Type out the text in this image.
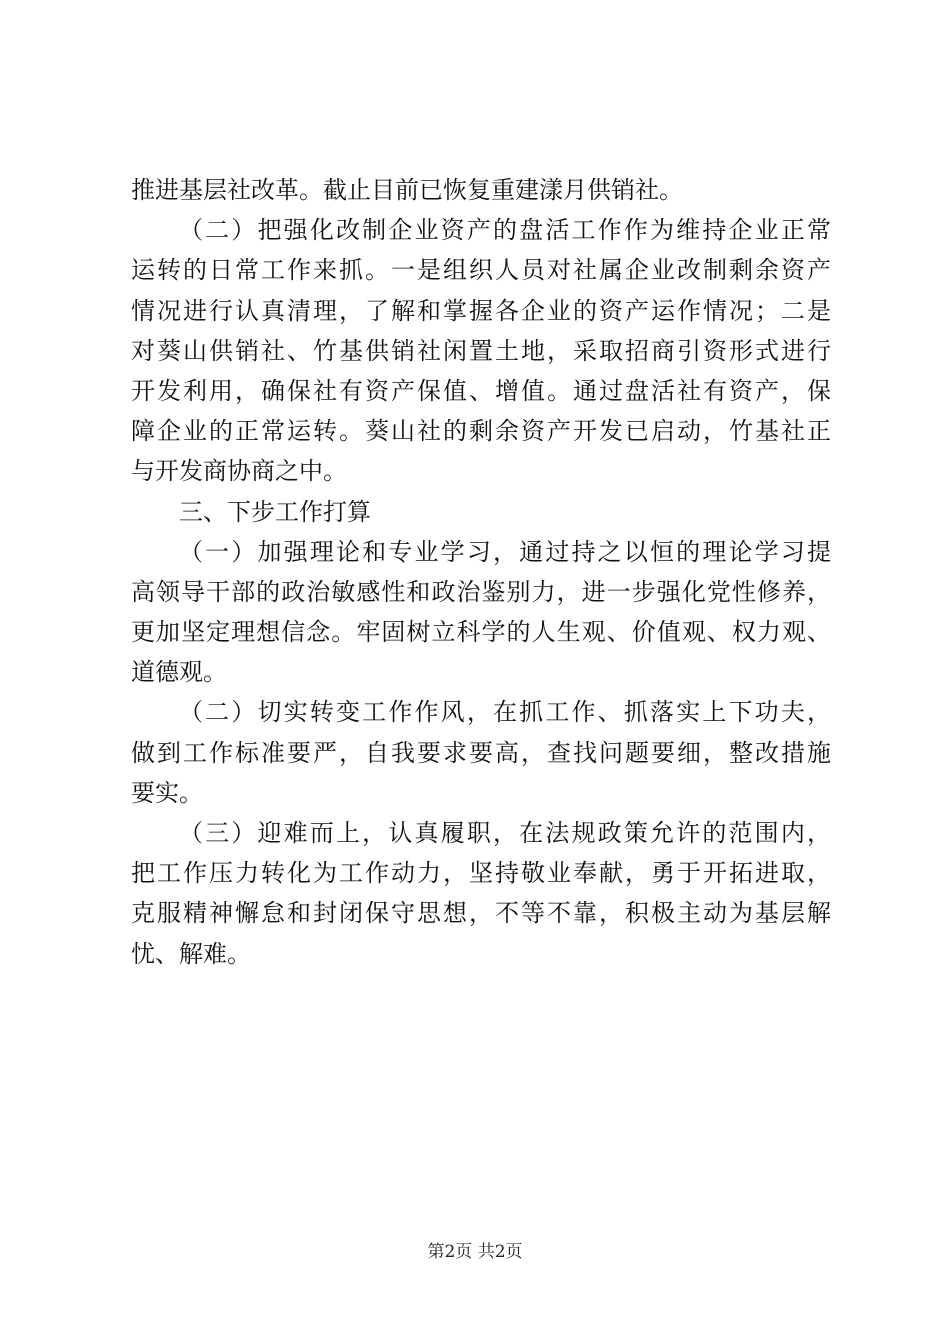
推进基层社改革。截止目前已恢复重建漾月供销社。
（二）把强化改制企业资产的盘活工作作为维持企业正常
运转的日常工作来抓。一是组织人员对社属企业改制剩余资产
情况进行认真清理，了解和掌握各企业的资产运作情况；二是
对葵山供销社、竹基供销社闲置土地，采取招商引资形式进行
开发利用，确保社有资产保值、增值。通过盘活社有资产，保
障企业的正常运转。葵山社的剩余资产开发已启动，竹基社正
与开发商协商之中。
三、下步工作打算
（一）加强理论和专业学习，通过持之以恒的理论学习提
高领导干部的政治敏感性和政治鉴别力，进一步强化党性修养，
更加坚定理想信念。牢固树立科学的人生观、价值观、权力观、
道德观。
（二）切实转变工作作风，在抓工作、抓落实上下功夫，
做到工作标准要严，自我要求要高，查找问题要细，整改措施
要实。
（三）迎难而上，认真履职，在法规政策允许的范围内，
把工作压力转化为工作动力，坚持敬业奉献，勇于开拓进取，
克服精神懈怠和封闭保守思想，不等不靠，积极主动为基层解
忧、解难。
第2页 共2页
